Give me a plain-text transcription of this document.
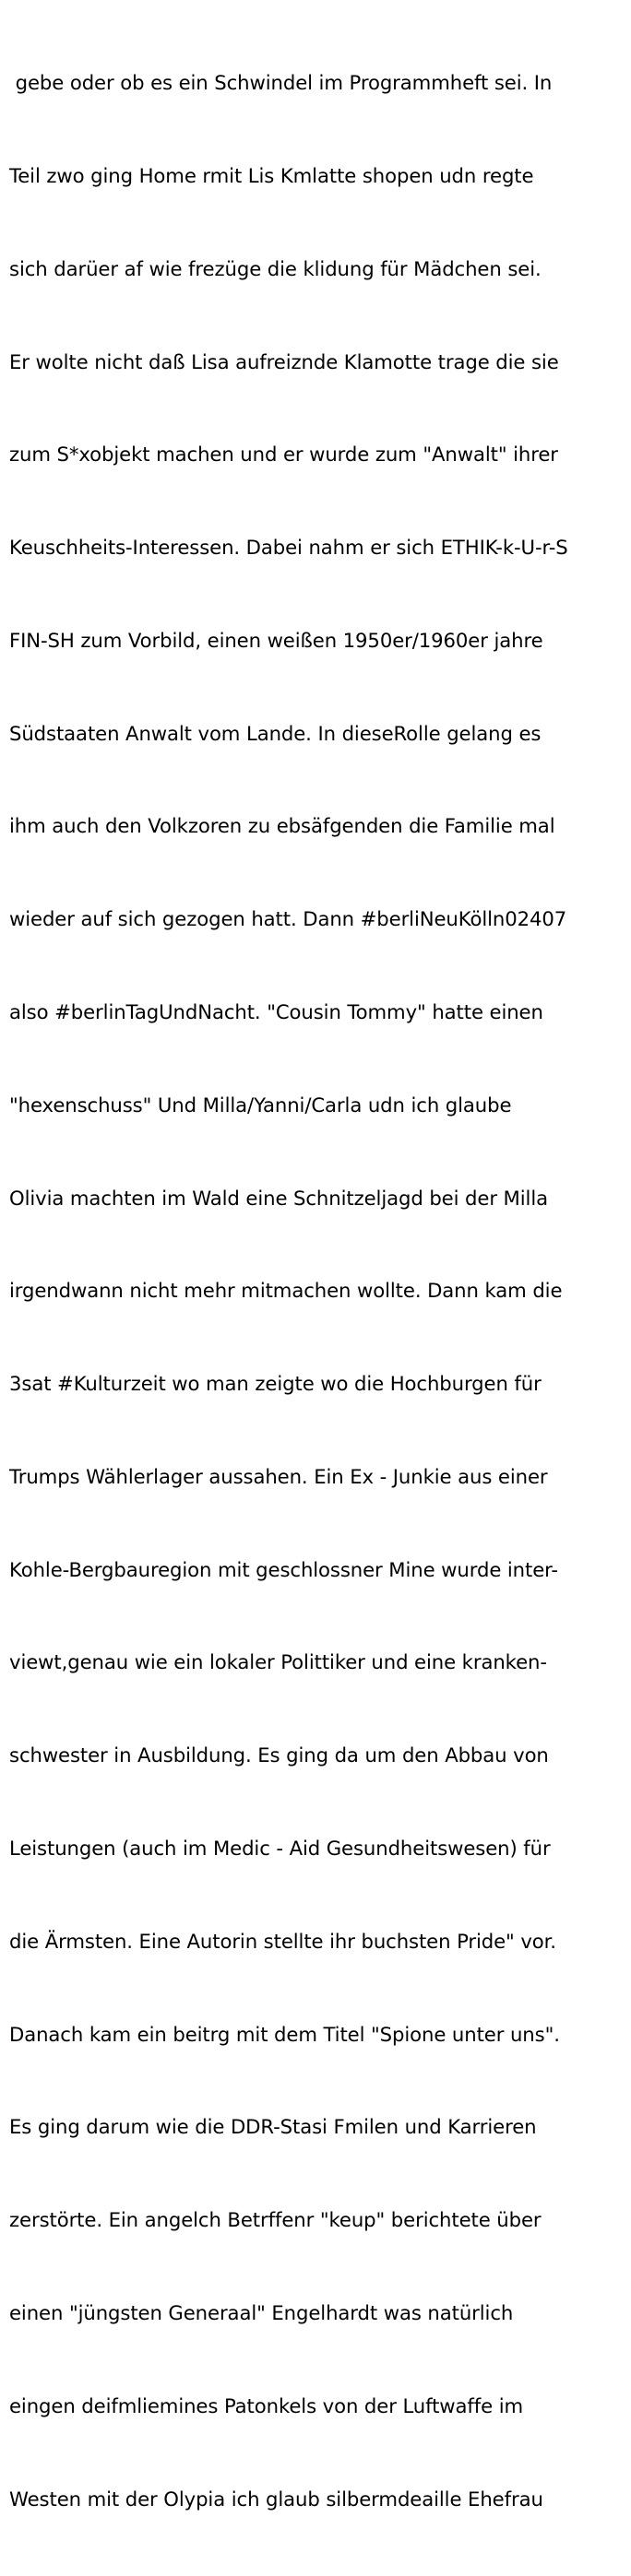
gebe oder ob es ein Schwindel im Programmheft sei. In

Teil zwo ging Home rmit Lis Kmlatte shopen udn regte

sich darüer af wie frezüge die klidung für Mädchen sei.

Er wolte nicht daß Lisa aufreiznde Klamotte trage die sie

zum S*xobjekt machen und er wurde zum "Anwalt" ihrer

Keuschheits-Interessen. Dabei nahm er sich ETHIK-k-U-r-S

FIN-SH zum Vorbild, einen weißen 1950er/1960er jahre

Südstaaten Anwalt vom Lande. In dieseRolle gelang es

ihm auch den Volkzoren zu ebsäfgenden die Familie mal

wieder auf sich gezogen hatt. Dann #berliNeuKölln02407

also #berlinTagUndNacht. "Cousin Tommy" hatte einen

"hexenschuss" Und Milla/Yanni/Carla udn ich glaube

Olivia machten im Wald eine Schnitzeljagd bei der Milla

irgendwann nicht mehr mitmachen wollte. Dann kam die

3sat #Kulturzeit wo man zeigte wo die Hochburgen für

Trumps Wählerlager aussahen. Ein Ex - Junkie aus einer

Kohle-Bergbauregion mit geschlossner Mine wurde inter-

viewt,genau wie ein lokaler Polittiker und eine kranken-

schwester in Ausbildung. Es ging da um den Abbau von

Leistungen (auch im Medic - Aid Gesundheitswesen) für

die Ärmsten. Eine Autorin stellte ihr buchsten Pride" vor.

Danach kam ein beitrg mit dem Titel "Spione unter uns".

Es ging darum wie die DDR-Stasi Fmilen und Karrieren

zerstörte. Ein angelch Betrffenr "keup" berichtete über

einen "jüngsten Generaal" Engelhardt was natürlich

eingen deifmliemines Patonkels von der Luftwaffe im

Westen mit der Olypia ich glaub silbermdeaille Ehefrau
